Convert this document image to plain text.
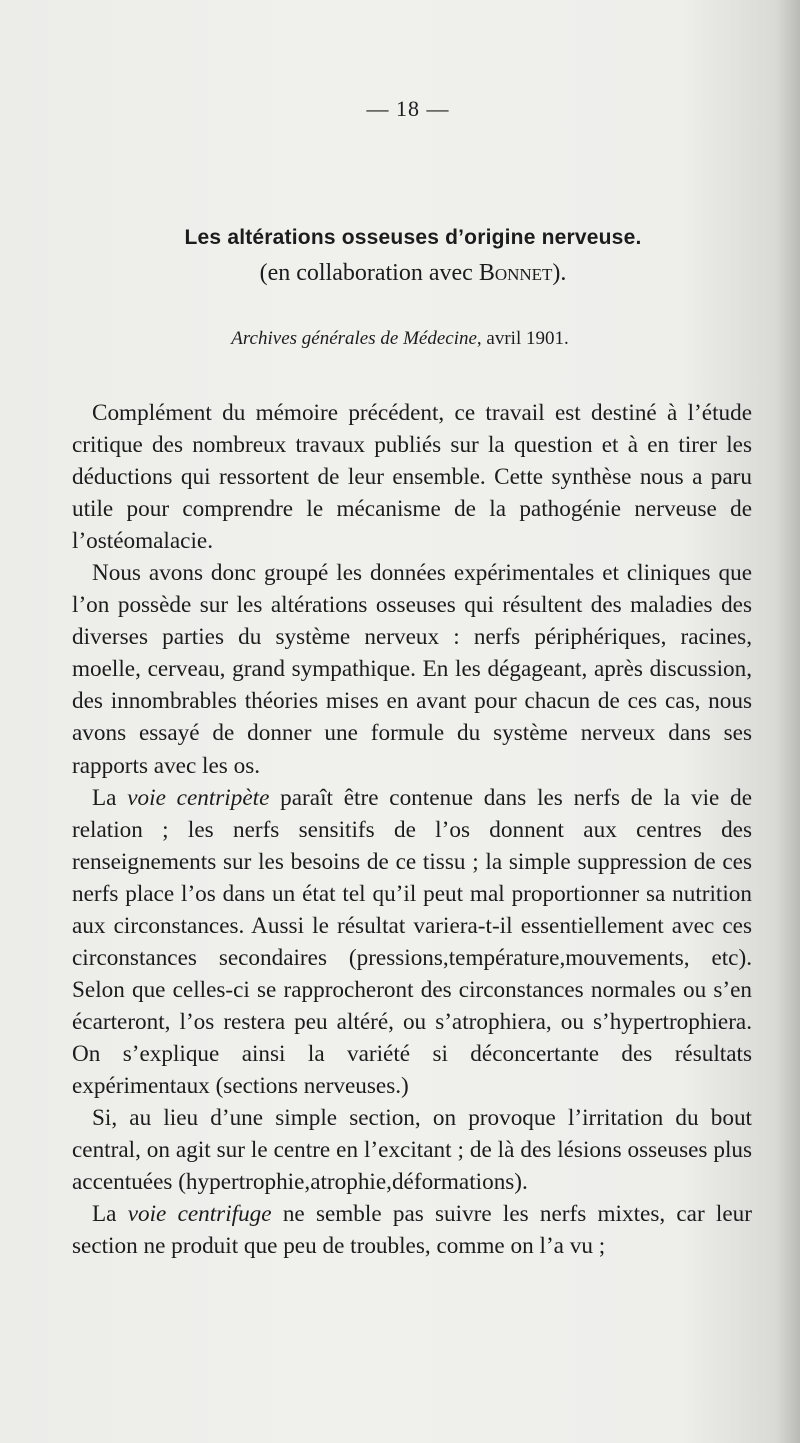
— 18 —
Les altérations osseuses d’origine nerveuse.
(en collaboration avec Bonnet).
Archives générales de Médecine, avril 1901.

Complément du mémoire précédent, ce travail est destiné à l’étude critique des nombreux travaux publiés sur la question et à en tirer les déductions qui ressortent de leur ensemble. Cette synthèse nous a paru utile pour comprendre le mécanisme de la pathogénie nerveuse de l’ostéomalacie.

Nous avons donc groupé les données expérimentales et cliniques que l’on possède sur les altérations osseuses qui résultent des maladies des diverses parties du système nerveux : nerfs périphériques, racines, moelle, cerveau, grand sympathique. En les dégageant, après discussion, des innombrables théories mises en avant pour chacun de ces cas, nous avons essayé de donner une formule du système nerveux dans ses rapports avec les os.

La voie centripète paraît être contenue dans les nerfs de la vie de relation ; les nerfs sensitifs de l’os donnent aux centres des renseignements sur les besoins de ce tissu ; la simple suppression de ces nerfs place l’os dans un état tel qu’il peut mal proportionner sa nutrition aux circonstances. Aussi le résultat variera-t-il essentiellement avec ces circonstances secondaires (pressions,température,mouvements, etc). Selon que celles-ci se rapprocheront des circonstances normales ou s’en écarteront, l’os restera peu altéré, ou s’atrophiera, ou s’hypertrophiera. On s’explique ainsi la variété si déconcertante des résultats expérimentaux (sections nerveuses.)

Si, au lieu d’une simple section, on provoque l’irritation du bout central, on agit sur le centre en l’excitant ; de là des lésions osseuses plus accentuées (hypertrophie,atrophie,déformations).

La voie centrifuge ne semble pas suivre les nerfs mixtes, car leur section ne produit que peu de troubles, comme on l’a vu ;
